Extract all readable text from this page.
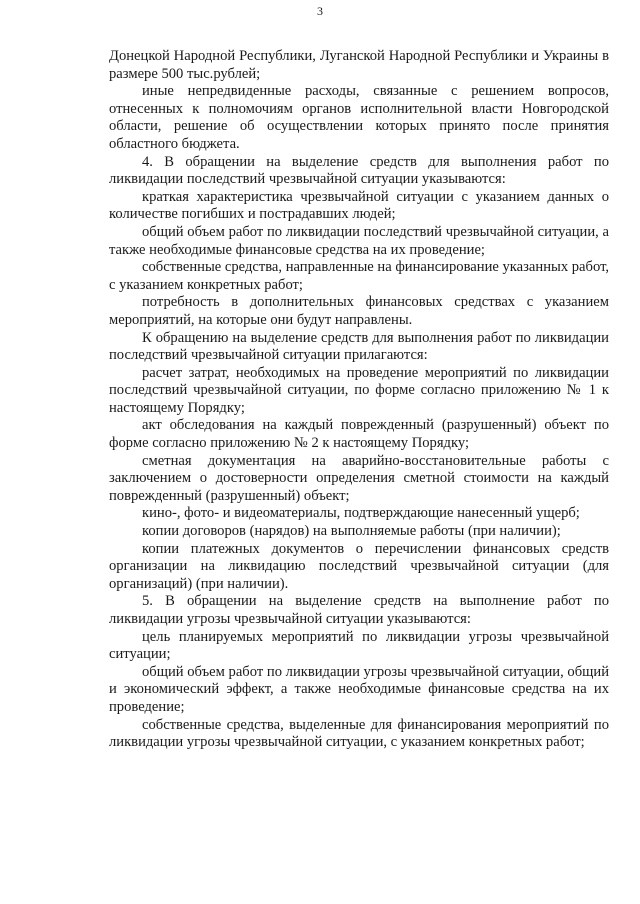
3

Донецкой Народной Республики, Луганской Народной Республики и Украины в размере 500 тыс.рублей;

иные непредвиденные расходы, связанные с решением вопросов, отнесенных к полномочиям органов исполнительной власти Новгородской области, решение об осуществлении которых принято после принятия областного бюджета.

4. В обращении на выделение средств для выполнения работ по ликвидации последствий чрезвычайной ситуации указываются:

краткая характеристика чрезвычайной ситуации с указанием данных о количестве погибших и пострадавших людей;

общий объем работ по ликвидации последствий чрезвычайной ситуации, а также необходимые финансовые средства на их проведение;

собственные средства, направленные на финансирование указанных работ, с указанием конкретных работ;

потребность в дополнительных финансовых средствах с указанием мероприятий, на которые они будут направлены.

К обращению на выделение средств для выполнения работ по ликвидации последствий чрезвычайной ситуации прилагаются:

расчет затрат, необходимых на проведение мероприятий по ликвидации последствий чрезвычайной ситуации, по форме согласно приложению № 1 к настоящему Порядку;

акт обследования на каждый поврежденный (разрушенный) объект по форме согласно приложению № 2 к настоящему Порядку;

сметная документация на аварийно-восстановительные работы с заключением о достоверности определения сметной стоимости на каждый поврежденный (разрушенный) объект;

кино-, фото- и видеоматериалы, подтверждающие нанесенный ущерб;

копии договоров (нарядов) на выполняемые работы (при наличии);

копии платежных документов о перечислении финансовых средств организации на ликвидацию последствий чрезвычайной ситуации (для организаций) (при наличии).

5. В обращении на выделение средств на выполнение работ по ликвидации угрозы чрезвычайной ситуации указываются:

цель планируемых мероприятий по ликвидации угрозы чрезвычайной ситуации;

общий объем работ по ликвидации угрозы чрезвычайной ситуации, общий и экономический эффект, а также необходимые финансовые средства на их проведение;

собственные средства, выделенные для финансирования мероприятий по ликвидации угрозы чрезвычайной ситуации, с указанием конкретных работ;
